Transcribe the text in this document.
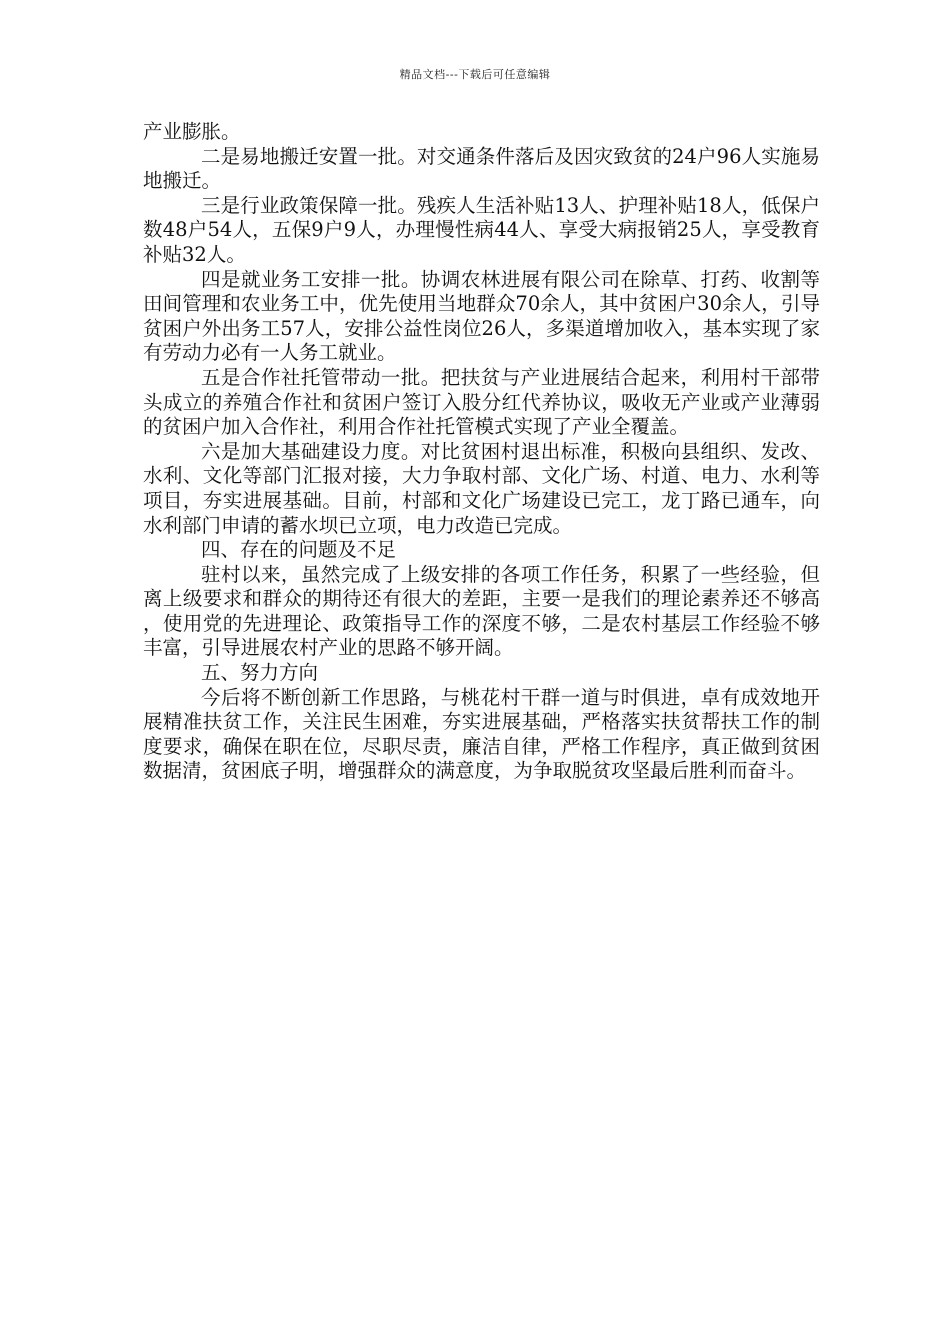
精品文档---下载后可任意编辑

产业膨胀。

二是易地搬迁安置一批。对交通条件落后及因灾致贫的24户96人实施易地搬迁。

三是行业政策保障一批。残疾人生活补贴13人、护理补贴18人，低保户数48户54人，五保9户9人，办理慢性病44人、享受大病报销25人，享受教育补贴32人。

四是就业务工安排一批。协调农林进展有限公司在除草、打药、收割等田间管理和农业务工中，优先使用当地群众70余人，其中贫困户30余人，引导贫困户外出务工57人，安排公益性岗位26人，多渠道增加收入，基本实现了家有劳动力必有一人务工就业。

五是合作社托管带动一批。把扶贫与产业进展结合起来，利用村干部带头成立的养殖合作社和贫困户签订入股分红代养协议，吸收无产业或产业薄弱的贫困户加入合作社，利用合作社托管模式实现了产业全覆盖。

六是加大基础建设力度。对比贫困村退出标准，积极向县组织、发改、水利、文化等部门汇报对接，大力争取村部、文化广场、村道、电力、水利等项目，夯实进展基础。目前，村部和文化广场建设已完工，龙丁路已通车，向水利部门申请的蓄水坝已立项，电力改造已完成。

四、存在的问题及不足

驻村以来，虽然完成了上级安排的各项工作任务，积累了一些经验，但离上级要求和群众的期待还有很大的差距，主要一是我们的理论素养还不够高，使用党的先进理论、政策指导工作的深度不够，二是农村基层工作经验不够丰富，引导进展农村产业的思路不够开阔。

五、努力方向

今后将不断创新工作思路，与桃花村干群一道与时俱进，卓有成效地开展精准扶贫工作，关注民生困难，夯实进展基础，严格落实扶贫帮扶工作的制度要求，确保在职在位，尽职尽责，廉洁自律，严格工作程序，真正做到贫困数据清，贫困底子明，增强群众的满意度，为争取脱贫攻坚最后胜利而奋斗。
